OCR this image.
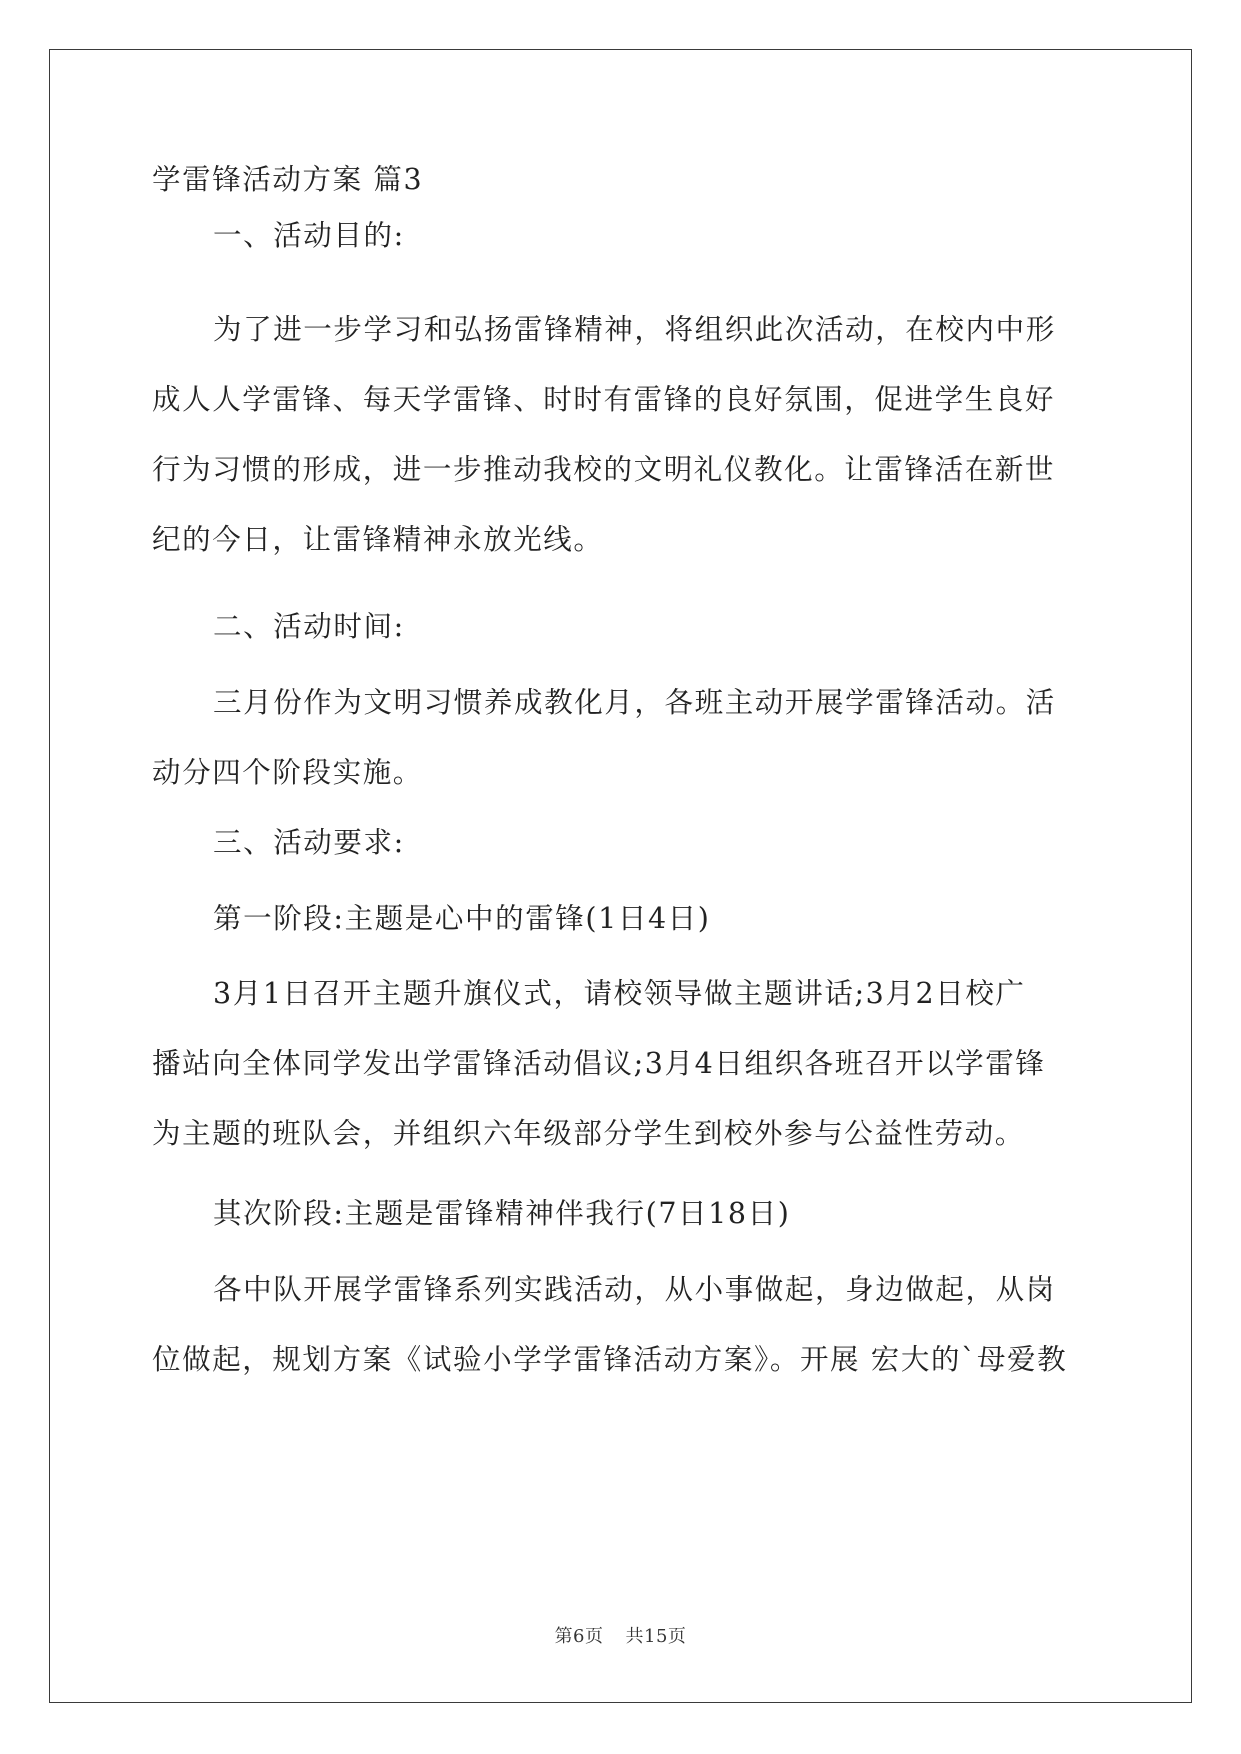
学雷锋活动方案 篇3
一、活动目的:
为了进一步学习和弘扬雷锋精神，将组织此次活动，在校内中形
成人人学雷锋、每天学雷锋、时时有雷锋的良好氛围，促进学生良好
行为习惯的形成，进一步推动我校的文明礼仪教化。让雷锋活在新世
纪的今日，让雷锋精神永放光线。
二、活动时间:
三月份作为文明习惯养成教化月，各班主动开展学雷锋活动。活
动分四个阶段实施。
三、活动要求:
第一阶段:主题是心中的雷锋(1日4日)
3月1日召开主题升旗仪式，请校领导做主题讲话;3月2日校广
播站向全体同学发出学雷锋活动倡议;3月4日组织各班召开以学雷锋
为主题的班队会，并组织六年级部分学生到校外参与公益性劳动。
其次阶段:主题是雷锋精神伴我行(7日18日)
各中队开展学雷锋系列实践活动，从小事做起，身边做起，从岗
位做起，规划方案《试验小学学雷锋活动方案》。开展 宏大的`母爱教
第6页 共15页
